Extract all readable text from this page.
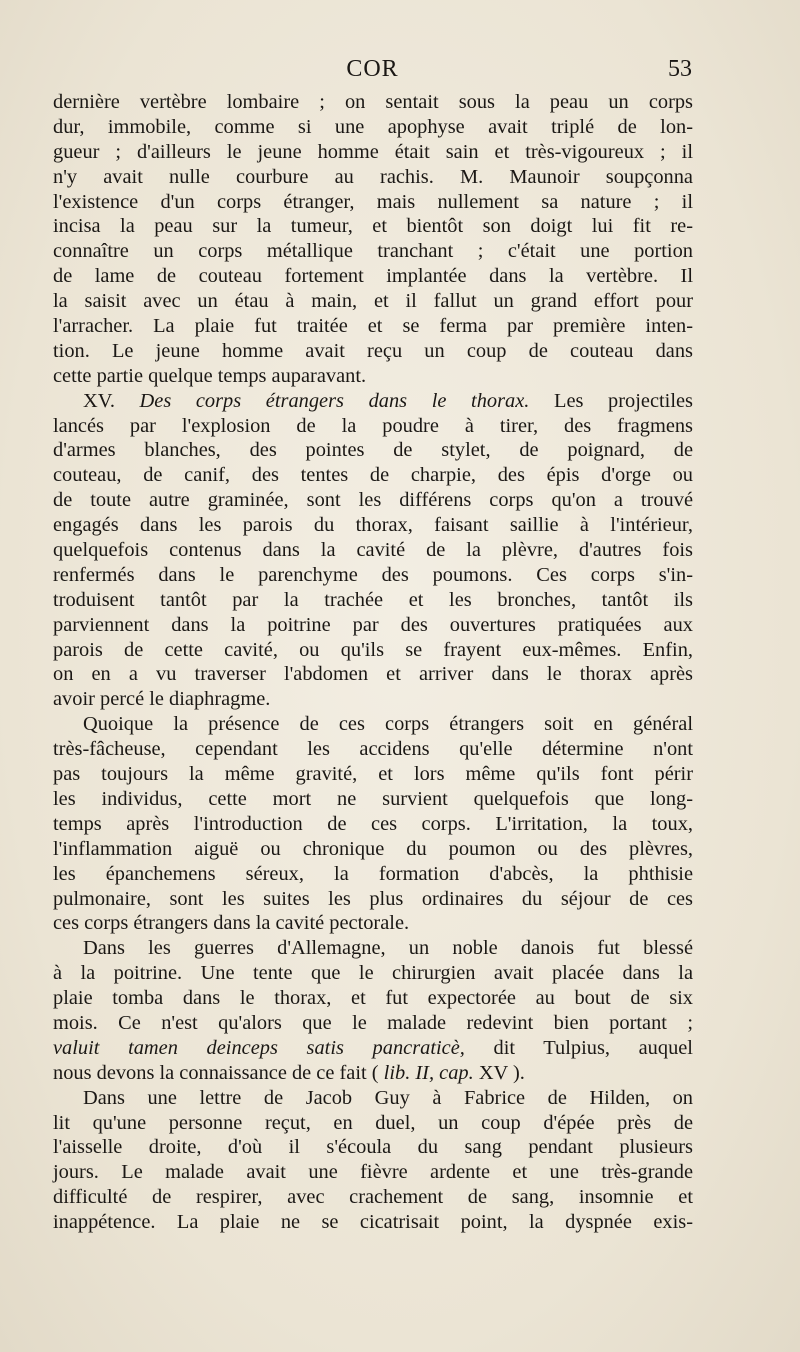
COR	53
dernière vertèbre lombaire ; on sentait sous la peau un corps
dur, immobile, comme si une apophyse avait triplé de lon-
gueur ; d'ailleurs le jeune homme était sain et très-vigoureux ; il
n'y avait nulle courbure au rachis. M. Maunoir soupçonna
l'existence d'un corps étranger, mais nullement sa nature ; il
incisa la peau sur la tumeur, et bientôt son doigt lui fit re-
connaître un corps métallique tranchant ; c'était une portion
de lame de couteau fortement implantée dans la vertèbre. Il
la saisit avec un étau à main, et il fallut un grand effort pour
l'arracher. La plaie fut traitée et se ferma par première inten-
tion. Le jeune homme avait reçu un coup de couteau dans
cette partie quelque temps auparavant.
XV. Des corps étrangers dans le thorax. Les projectiles
lancés par l'explosion de la poudre à tirer, des fragmens
d'armes blanches, des pointes de stylet, de poignard, de
couteau, de canif, des tentes de charpie, des épis d'orge ou
de toute autre graminée, sont les différens corps qu'on a trouvé
engagés dans les parois du thorax, faisant saillie à l'intérieur,
quelquefois contenus dans la cavité de la plèvre, d'autres fois
renfermés dans le parenchyme des poumons. Ces corps s'in-
troduisent tantôt par la trachée et les bronches, tantôt ils
parviennent dans la poitrine par des ouvertures pratiquées aux
parois de cette cavité, ou qu'ils se frayent eux-mêmes. Enfin,
on en a vu traverser l'abdomen et arriver dans le thorax après
avoir percé le diaphragme.
Quoique la présence de ces corps étrangers soit en général
très-fâcheuse, cependant les accidens qu'elle détermine n'ont
pas toujours la même gravité, et lors même qu'ils font périr
les individus, cette mort ne survient quelquefois que long-
temps après l'introduction de ces corps. L'irritation, la toux,
l'inflammation aiguë ou chronique du poumon ou des plèvres,
les épanchemens séreux, la formation d'abcès, la phthisie
pulmonaire, sont les suites les plus ordinaires du séjour de ces
ces corps étrangers dans la cavité pectorale.
Dans les guerres d'Allemagne, un noble danois fut blessé
à la poitrine. Une tente que le chirurgien avait placée dans la
plaie tomba dans le thorax, et fut expectorée au bout de six
mois. Ce n'est qu'alors que le malade redevint bien portant ;
valuit tamen deinceps satis pancraticè, dit Tulpius, auquel
nous devons la connaissance de ce fait ( lib. II, cap. XV ).
Dans une lettre de Jacob Guy à Fabrice de Hilden, on
lit qu'une personne reçut, en duel, un coup d'épée près de
l'aisselle droite, d'où il s'écoula du sang pendant plusieurs
jours. Le malade avait une fièvre ardente et une très-grande
difficulté de respirer, avec crachement de sang, insomnie et
inappétence. La plaie ne se cicatrisait point, la dyspnée exis-
